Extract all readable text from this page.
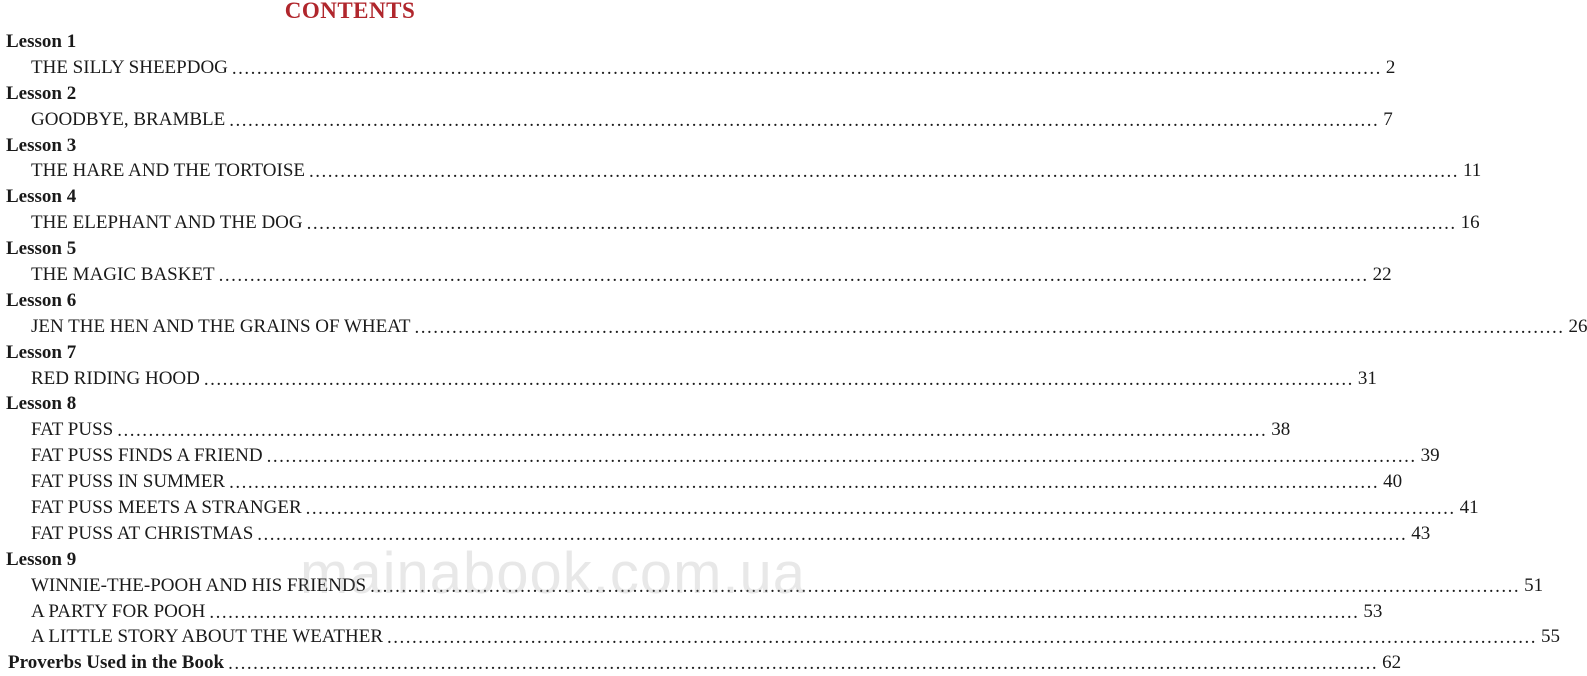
CONTENTS
Lesson 1
THE SILLY SHEEPDOG .....	2
Lesson 2
GOODBYE, BRAMBLE .....	7
Lesson 3
THE HARE AND THE TORTOISE .....	11
Lesson 4
THE ELEPHANT AND THE DOG .....	16
Lesson 5
THE MAGIC BASKET .....	22
Lesson 6
JEN THE HEN AND THE GRAINS OF WHEAT .....	26
Lesson 7
RED RIDING HOOD .....	31
Lesson 8
FAT PUSS .....	38
FAT PUSS FINDS A FRIEND .....	39
FAT PUSS IN SUMMER .....	40
FAT PUSS MEETS A STRANGER .....	41
FAT PUSS AT CHRISTMAS .....	43
Lesson 9
WINNIE-THE-POOH AND HIS FRIENDS .....	51
A PARTY FOR POOH .....	53
A LITTLE STORY ABOUT THE WEATHER .....	55
Proverbs Used in the Book .....	62
mainabook.com.ua
